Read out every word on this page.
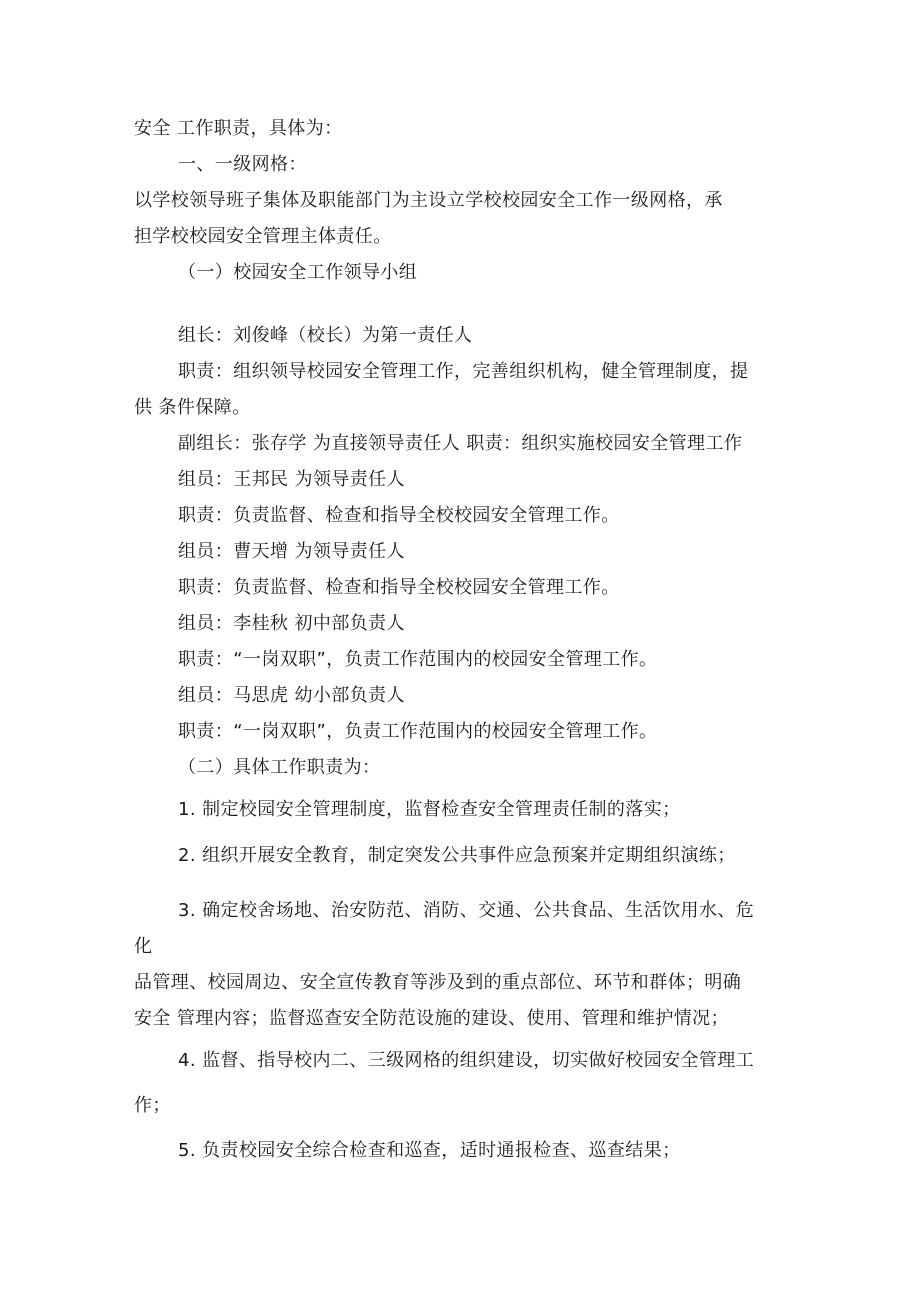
安全 工作职责，具体为：
一、一级网格：
以学校领导班子集体及职能部门为主设立学校校园安全工作一级网格，承
担学校校园安全管理主体责任。
（一）校园安全工作领导小组
组长：刘俊峰（校长）为第一责任人
职责：组织领导校园安全管理工作，完善组织机构，健全管理制度，提
供 条件保障。
副组长：张存学 为直接领导责任人 职责：组织实施校园安全管理工作
组员：王邦民 为领导责任人
职责：负责监督、检查和指导全校校园安全管理工作。
组员：曹天增 为领导责任人
职责：负责监督、检查和指导全校校园安全管理工作。
组员：李桂秋 初中部负责人
职责：“一岗双职”，负责工作范围内的校园安全管理工作。
组员：马思虎 幼小部负责人
职责：“一岗双职”，负责工作范围内的校园安全管理工作。
（二）具体工作职责为：
1. 制定校园安全管理制度，监督检查安全管理责任制的落实；
2. 组织开展安全教育，制定突发公共事件应急预案并定期组织演练；
3. 确定校舍场地、治安防范、消防、交通、公共食品、生活饮用水、危
化
品管理、校园周边、安全宣传教育等涉及到的重点部位、环节和群体；明确
安全 管理内容；监督巡查安全防范设施的建设、使用、管理和维护情况；
4. 监督、指导校内二、三级网格的组织建设，切实做好校园安全管理工
作；
5. 负责校园安全综合检查和巡查，适时通报检查、巡查结果；
